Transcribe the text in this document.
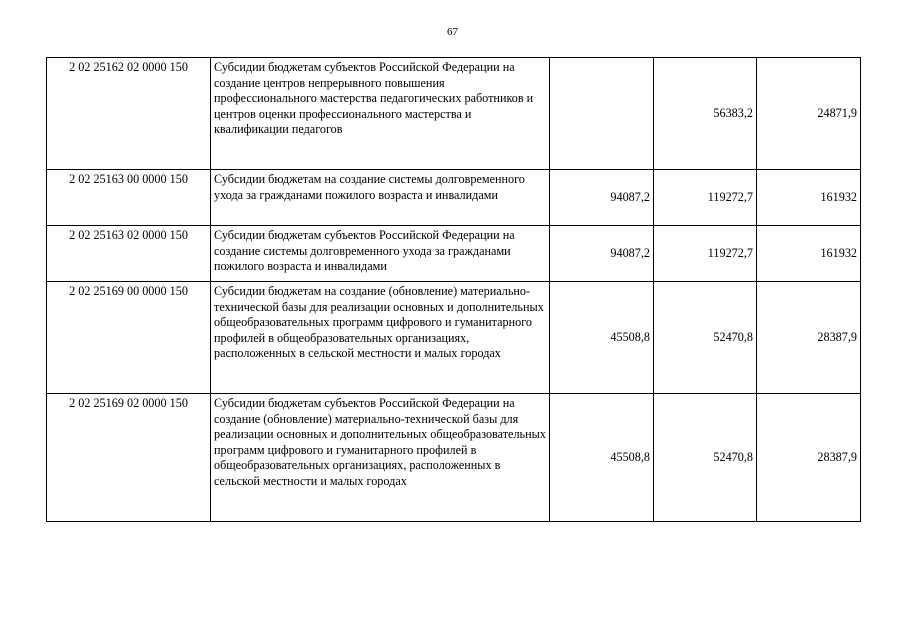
67
2 02 25162 02 0000 150	Субсидии бюджетам субъектов Российской Федерации на создание центров непрерывного повышения профессионального мастерства педагогических работников и центров оценки профессионального мастерства и квалификации педагогов		56383,2	24871,9
2 02 25163 00 0000 150	Субсидии бюджетам на создание системы долговременного ухода за гражданами пожилого возраста и инвалидами	94087,2	119272,7	161932
2 02 25163 02 0000 150	Субсидии бюджетам субъектов Российской Федерации на создание системы долговременного ухода за гражданами пожилого возраста и инвалидами	94087,2	119272,7	161932
2 02 25169 00 0000 150	Субсидии бюджетам на создание (обновление) материально-технической базы для реализации основных и дополнительных общеобразовательных программ цифрового и гуманитарного профилей в общеобразовательных организациях, расположенных в сельской местности и малых городах	45508,8	52470,8	28387,9
2 02 25169 02 0000 150	Субсидии бюджетам субъектов Российской Федерации на создание (обновление) материально-технической базы для реализации основных и дополнительных общеобразовательных программ цифрового и гуманитарного профилей в общеобразовательных организациях, расположенных в сельской местности и малых городах	45508,8	52470,8	28387,9
